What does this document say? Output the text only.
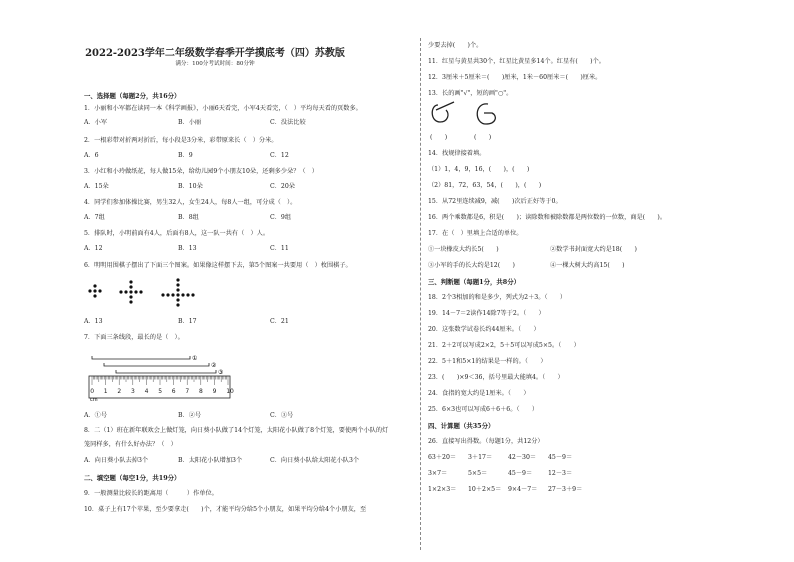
2022-2023学年二年级数学春季开学摸底考（四）苏教版
满分：100分考试时间：80分钟
一、选择题（每题2分，共16分）
1．小丽和小军都在读同一本《科学画报》，小丽6天看完，小军4天看完，（　）平均每天看的页数多。
A．小军	B．小丽	C．没法比较
2．一根彩带对折两对折后，每小段是3分米，彩带原来长（　）分米。
A．6	B．9	C．12
3．小红和小玲做纸花，每人做15朵，给幼儿园9个小朋友10朵，还剩多少朵？（　）
A．15朵	B．10朵	C．20朵
4．同学们参加体操比赛，男生32人，女生24人，每8人一组，可分成（　）。
A．7组	B．8组	C．9组
5．排队时，小明前面有4人，后面有8人，这一队一共有（　）人。
A．12	B．13	C．11
6．明明用围棋子摆出了下面三个图案。如果像这样摆下去，第5个图案一共要用（　）枚围棋子。
A．13	B．17	C．21
7．下面三条线段，最长的是（　）。
①
②
③
0 1 2 3 4 5 6 7 8 9 10
cm
A．①号	B．②号	C．③号
8．二（1）班在新年联欢会上做灯笼，向日葵小队做了14个灯笼，太阳花小队做了8个灯笼，要使两个小队的灯
笼同样多，有什么好办法？（　）
A．向日葵小队去掉3个	B．太阳花小队增加3个	C．向日葵小队给太阳花小队3个
二、填空题（每空1分，共19分）
9．一般测量比较长的距离用（　　　）作单位。
10．桌子上有17个苹果，至少要拿走(　　)个，才能平均分给5个小朋友，如果平均分给4个小朋友，至
少要去掉(　　)个。
11．红星与黄星共30个，红星比黄星多14个。红星有(　　)个。
12．3厘米＋5厘米＝(　　)厘米，1米－60厘米＝(　　)厘米。
13．长的画"√"，短的画"○"。
(　　)	(　　)
14．找规律接着填。
（1）1，4，9，16，(　　)，(　　)
（2）81，72，63，54，(　　)，(　　)
15．从72里连续减9，减(　　)次后正好等于0。
16．两个乘数都是6，积是(　　)；读除数和被除数都是两位数的一位数，商是(　　)。
17．在（　）里填上合适的单位。
①一块橡皮大约长5(　　)	②数学书封面宽大约是18(　　)
③小军的手的长大约是12(　　)	④一棵大树大约高15(　　)
三、判断题（每题1分，共8分）
18．2个3相加的和是多少，列式为2＋3。（　　）
19．14－7＝2读作14除7等于2。（　　）
20．这张数学试卷长约44厘米。（　　）
21．2＋2可以写成2×2，5＋5可以写成5×5。（　　）
22．5＋1和5×1的结果是一样的。（　　）
23．(　　)×9＜36，括号里最大能填4。（　　）
24．食指的宽大约是1厘米。（　　）
25．6×3也可以写成6＋6＋6。（　　）
四、计算题（共35分）
26．直接写出得数。（每题1分，共12分）
63＋20＝ 3＋17＝	42－30＝ 45－9＝
3×7＝	5×5＝	45－9＝	12－3＝
1×2×3＝ 10＋2×5＝ 9×4－7＝ 27－3＋9＝
